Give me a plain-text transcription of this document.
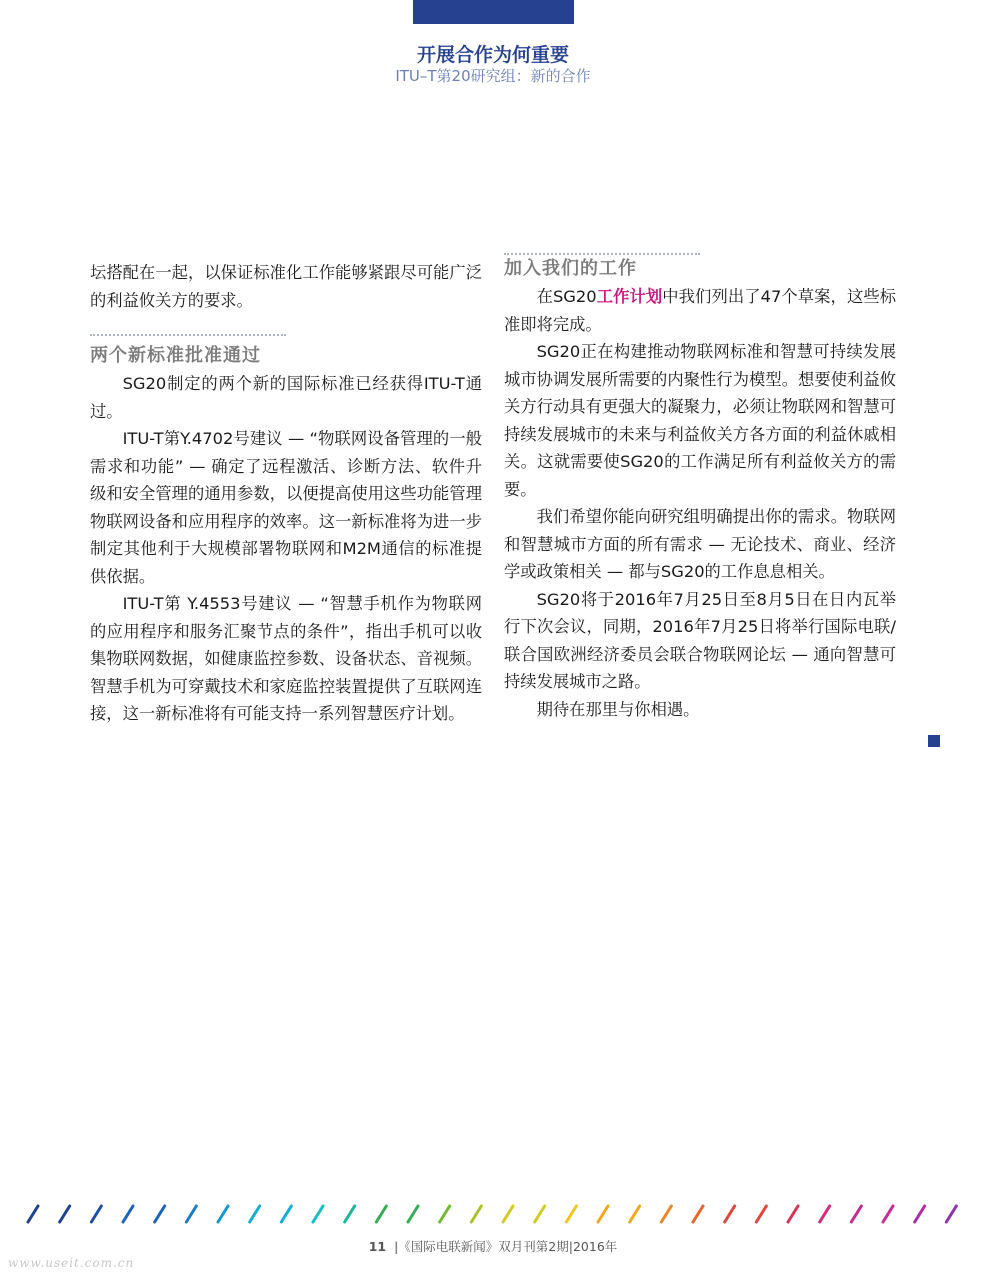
开展合作为何重要
ITU–T第20研究组：新的合作

坛搭配在一起，以保证标准化工作能够紧跟尽可能广泛的利益攸关方的要求。

两个新标准批准通过

SG20制定的两个新的国际标准已经获得ITU-T通过。

ITU-T第Y.4702号建议 — “物联网设备管理的一般需求和功能” — 确定了远程激活、诊断方法、软件升级和安全管理的通用参数，以便提高使用这些功能管理物联网设备和应用程序的效率。这一新标准将为进一步制定其他利于大规模部署物联网和M2M通信的标准提供依据。

ITU-T第 Y.4553号建议 — “智慧手机作为物联网的应用程序和服务汇聚节点的条件”，指出手机可以收集物联网数据，如健康监控参数、设备状态、音视频。智慧手机为可穿戴技术和家庭监控装置提供了互联网连接，这一新标准将有可能支持一系列智慧医疗计划。

加入我们的工作

在SG20工作计划中我们列出了47个草案，这些标准即将完成。

SG20正在构建推动物联网标准和智慧可持续发展城市协调发展所需要的内聚性行为模型。想要使利益攸关方行动具有更强大的凝聚力，必须让物联网和智慧可持续发展城市的未来与利益攸关方各方面的利益休戚相关。这就需要使SG20的工作满足所有利益攸关方的需要。

我们希望你能向研究组明确提出你的需求。物联网和智慧城市方面的所有需求 — 无论技术、商业、经济学或政策相关 — 都与SG20的工作息息相关。

SG20将于2016年7月25日至8月5日在日内瓦举行下次会议，同期，2016年7月25日将举行国际电联/联合国欧洲经济委员会联合物联网论坛 — 通向智慧可持续发展城市之路。

期待在那里与你相遇。

11 |《国际电联新闻》双月刊第2期|2016年
www.useit.com.cn
